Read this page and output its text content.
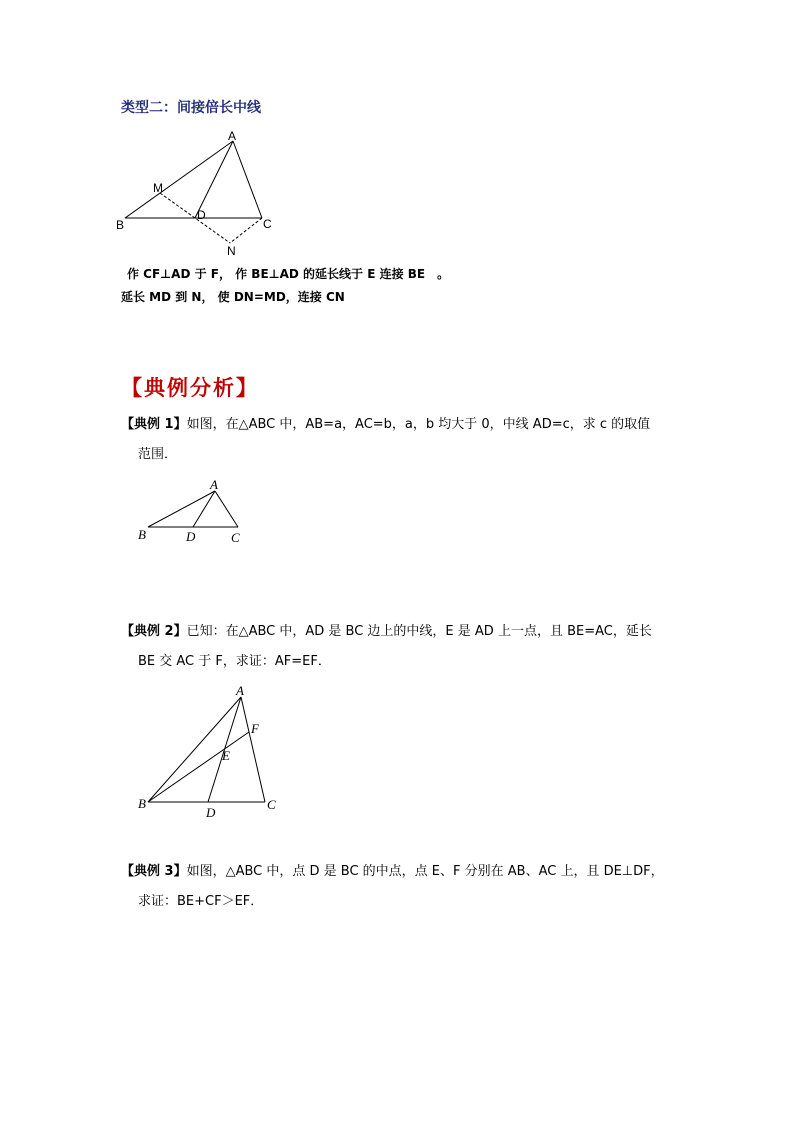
类型二：间接倍长中线
A
M
D
B	C
N
作 CF⊥AD 于 F， 作 BE⊥AD 的延长线于 E 连接 BE　。
延长 MD 到 N， 使 DN=MD，连接 CN
【典例分析】
【典例 1】如图，在△ABC 中，AB=a，AC=b，a，b 均大于 0，中线 AD=c，求 c 的取值
范围．
A
B	D	C
【典例 2】已知：在△ABC 中，AD 是 BC 边上的中线，E 是 AD 上一点，且 BE=AC，延长
BE 交 AC 于 F，求证：AF=EF．
A
F
E
B
D
C
【典例 3】如图，△ABC 中，点 D 是 BC 的中点，点 E、F 分别在 AB、AC 上，且 DE⊥DF，
求证：BE+CF＞EF．
